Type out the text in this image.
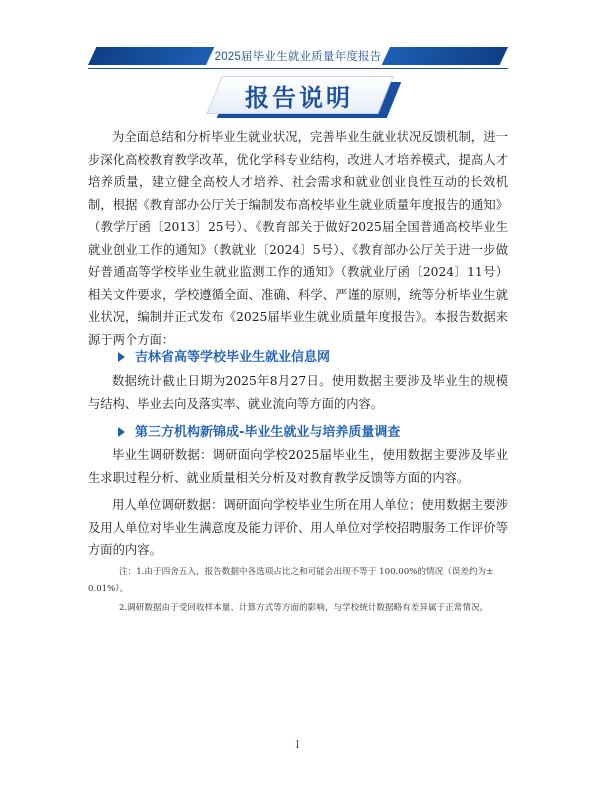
2025届毕业生就业质量年度报告
报告说明

为全面总结和分析毕业生就业状况，完善毕业生就业状况反馈机制，进一步深化高校教育教学改革，优化学科专业结构，改进人才培养模式，提高人才培养质量，建立健全高校人才培养、社会需求和就业创业良性互动的长效机制，根据《教育部办公厅关于编制发布高校毕业生就业质量年度报告的通知》（教学厅函〔2013〕25号）、《教育部关于做好2025届全国普通高校毕业生就业创业工作的通知》（教就业〔2024〕5号）、《教育部办公厅关于进一步做好普通高等学校毕业生就业监测工作的通知》（教就业厅函〔2024〕11号）相关文件要求，学校遵循全面、准确、科学、严谨的原则，统等分析毕业生就业状况，编制并正式发布《2025届毕业生就业质量年度报告》。本报告数据来源于两个方面：

吉林省高等学校毕业生就业信息网

数据统计截止日期为2025年8月27日。使用数据主要涉及毕业生的规模与结构、毕业去向及落实率、就业流向等方面的内容。

第三方机构新锦成-毕业生就业与培养质量调查

毕业生调研数据：调研面向学校2025届毕业生，使用数据主要涉及毕业生求职过程分析、就业质量相关分析及对教育教学反馈等方面的内容。

用人单位调研数据：调研面向学校毕业生所在用人单位；使用数据主要涉及用人单位对毕业生满意度及能力评价、用人单位对学校招聘服务工作评价等方面的内容。

注：1.由于四舍五入，报告数据中各选项占比之和可能会出现不等于 100.00%的情况（误差约为±
0.01%）。
2.调研数据由于受回收样本量、计算方式等方面的影响，与学校统计数据略有差异属于正常情况。
I
